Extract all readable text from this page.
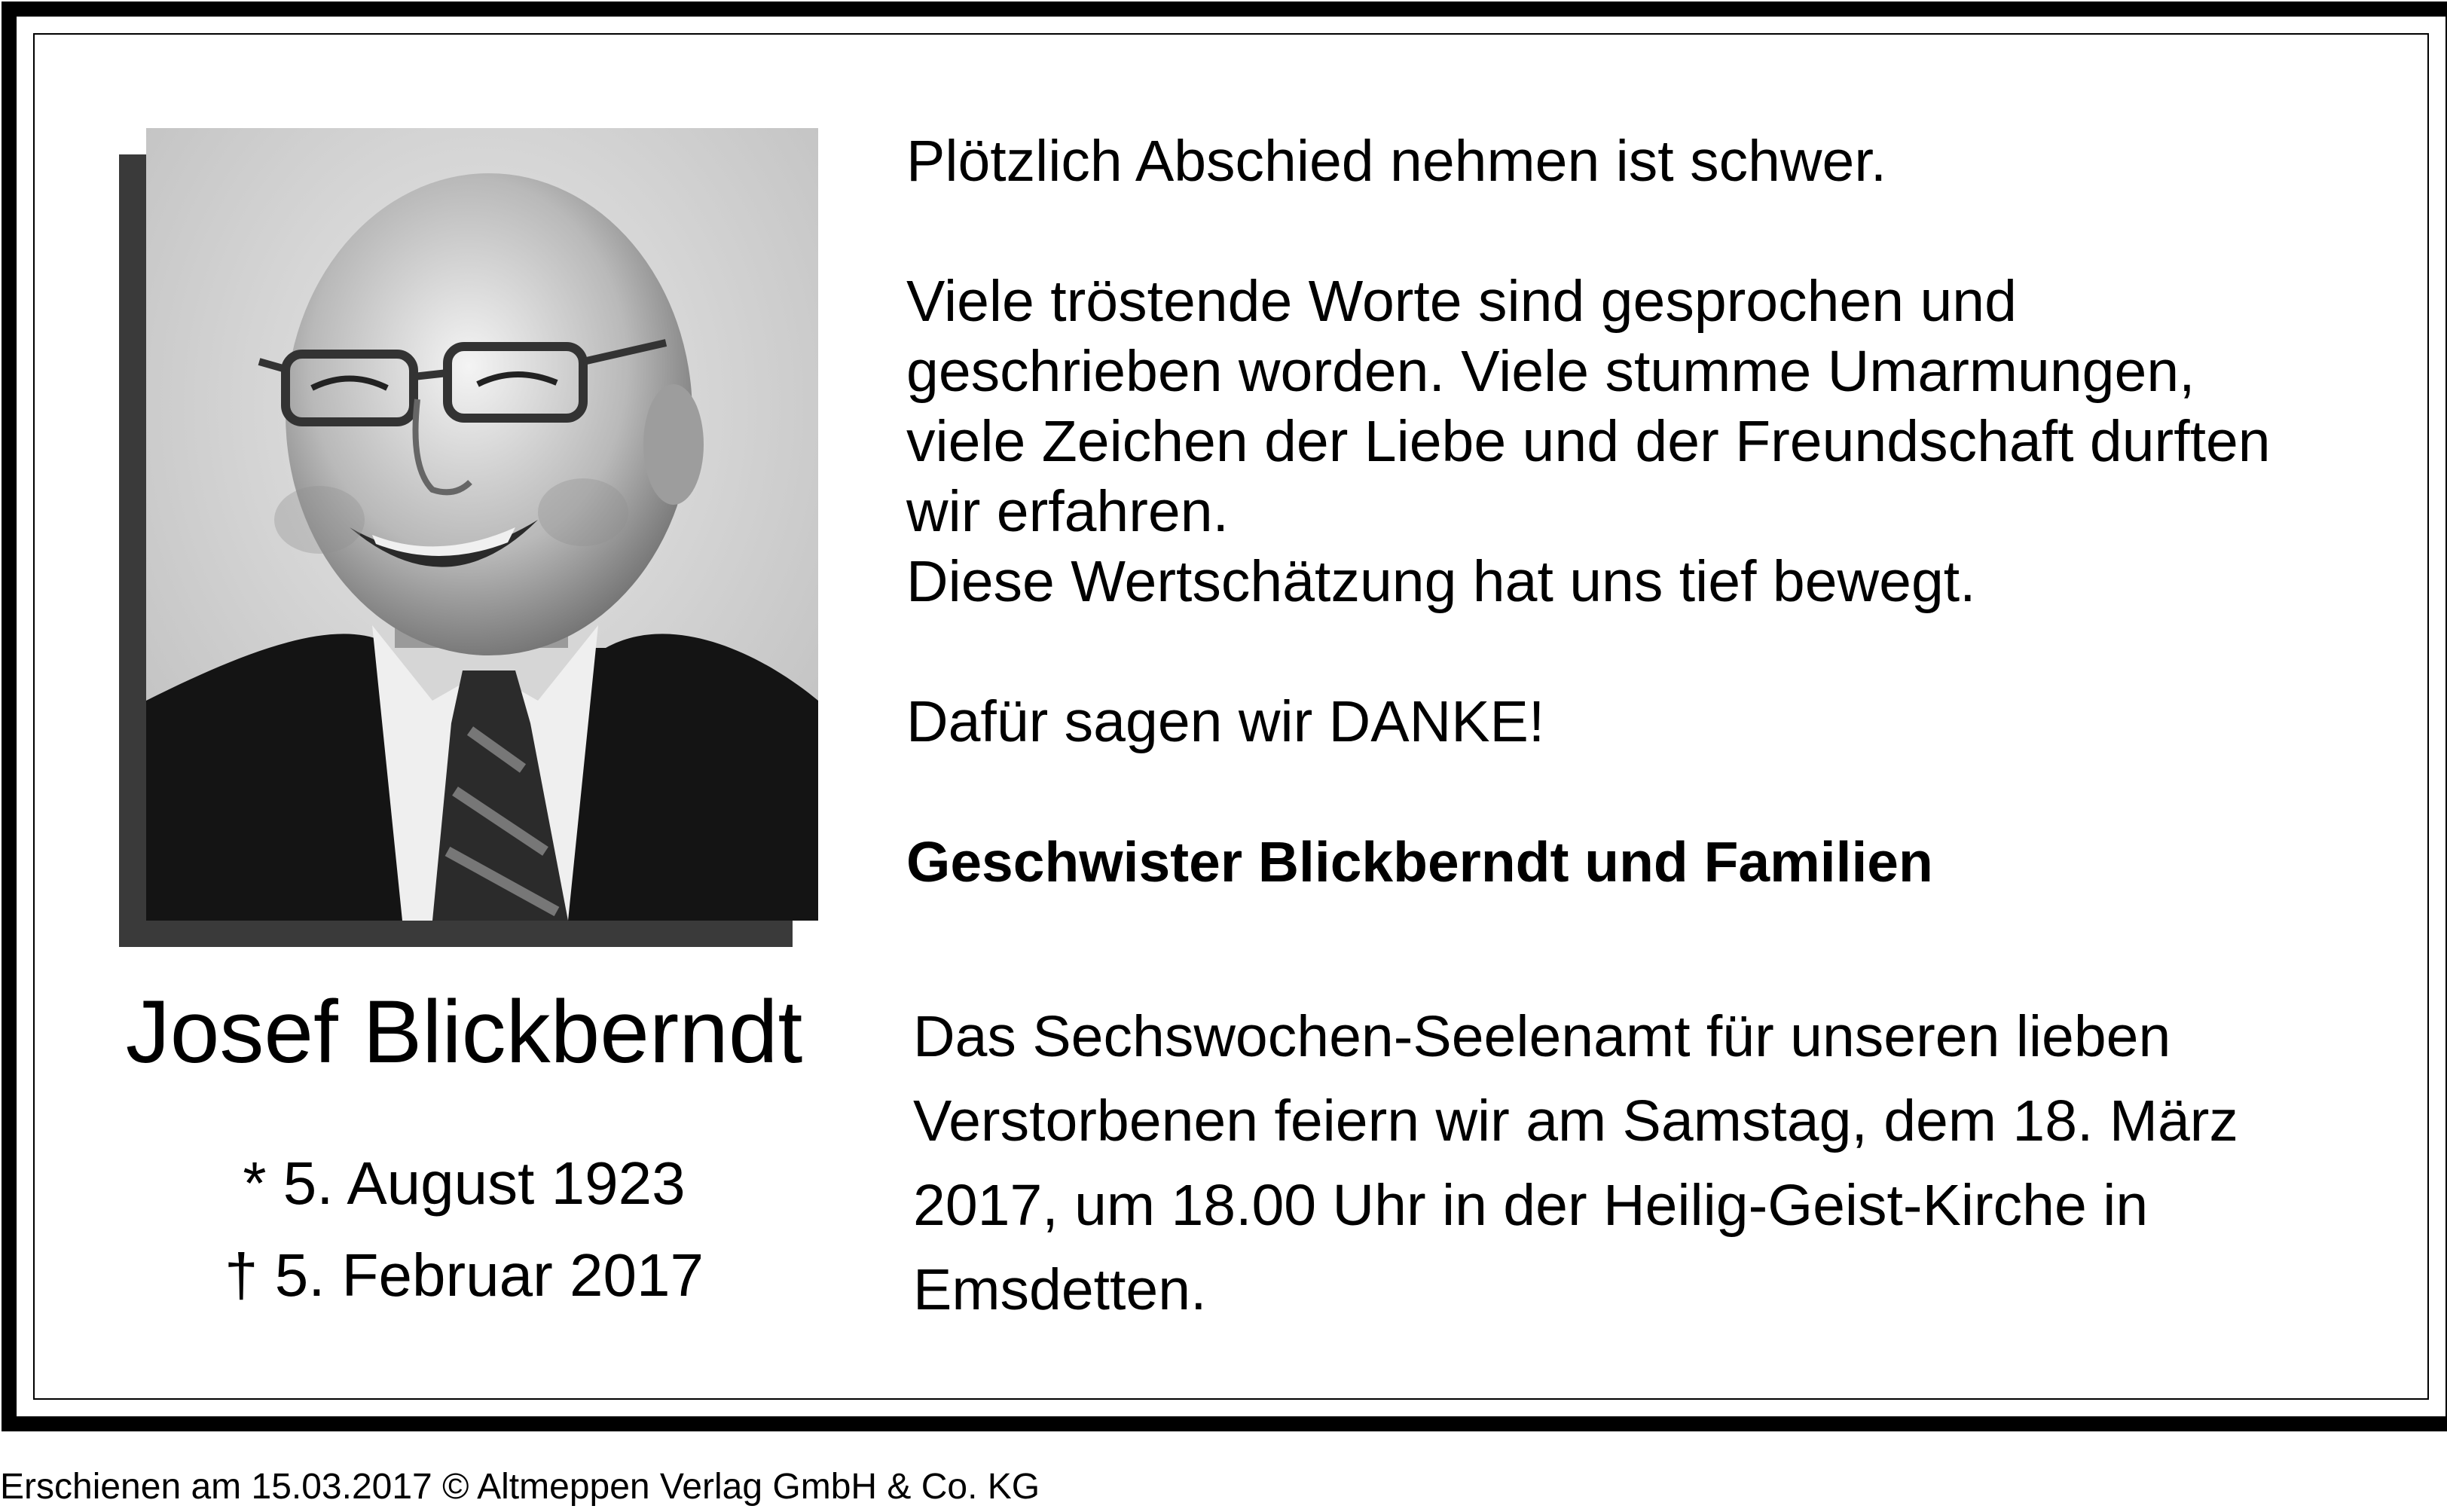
Josef Blickberndt
* 5. August 1923
† 5. Februar 2017

Plötzlich Abschied nehmen ist schwer.

Viele tröstende Worte sind gesprochen und

geschrieben worden. Viele stumme Umarmungen,

viele Zeichen der Liebe und der Freundschaft durften

wir erfahren.

Diese Wertschätzung hat uns tief bewegt.

Dafür sagen wir DANKE!

Geschwister Blickberndt und Familien

Das Sechswochen-Seelenamt für unseren lieben
Verstorbenen feiern wir am Samstag, dem 18. März
2017, um 18.00 Uhr in der Heilig-Geist-Kirche in
Emsdetten.
Erschienen am 15.03.2017 © Altmeppen Verlag GmbH & Co. KG
